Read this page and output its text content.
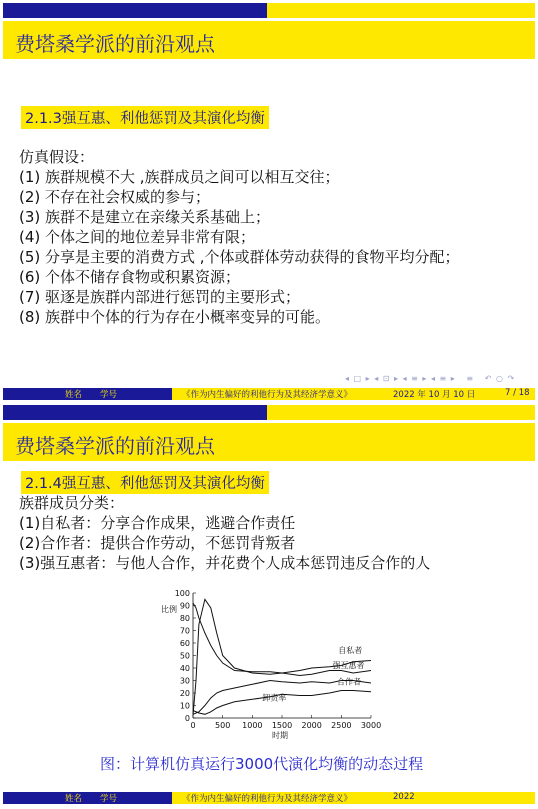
费塔桑学派的前沿观点
2.1.3强互惠、利他惩罚及其演化均衡
仿真假设：
(1) 族群规模不大 ,族群成员之间可以相互交往；
(2) 不存在社会权威的参与；
(3) 族群不是建立在亲缘关系基础上；
(4) 个体之间的地位差异非常有限；
(5) 分享是主要的消费方式 ,个体或群体劳动获得的食物平均分配；
(6) 个体不储存食物或积累资源；
(7) 驱逐是族群内部进行惩罚的主要形式；
(8) 族群中个体的行为存在小概率变异的可能。
◂ □ ▸ ◂ ⊡ ▸ ◂ ≡ ▸ ◂ ≡ ▸   ≡   ↶ ○ ↷
姓名 学号	《作为内生偏好的利他行为及其经济学意义》	2022 年 10 月 10 日	7 / 18
费塔桑学派的前沿观点
2.1.4强互惠、利他惩罚及其演化均衡
族群成员分类：
(1)自私者：分享合作成果，逃避合作责任
(2)合作者：提供合作劳动，不惩罚背叛者
(3)强互惠者：与他人合作，并花费个人成本惩罚违反合作的人
0
10
20
30
40
50
60
70
80
90
100
0 500 1000 1500 2000 2500 3000
比例
时期
自私者
强互惠者
合作者
卸责率
图：计算机仿真运行3000代演化均衡的动态过程
姓名 学号	《作为内生偏好的利他行为及其经济学意义》	2022
